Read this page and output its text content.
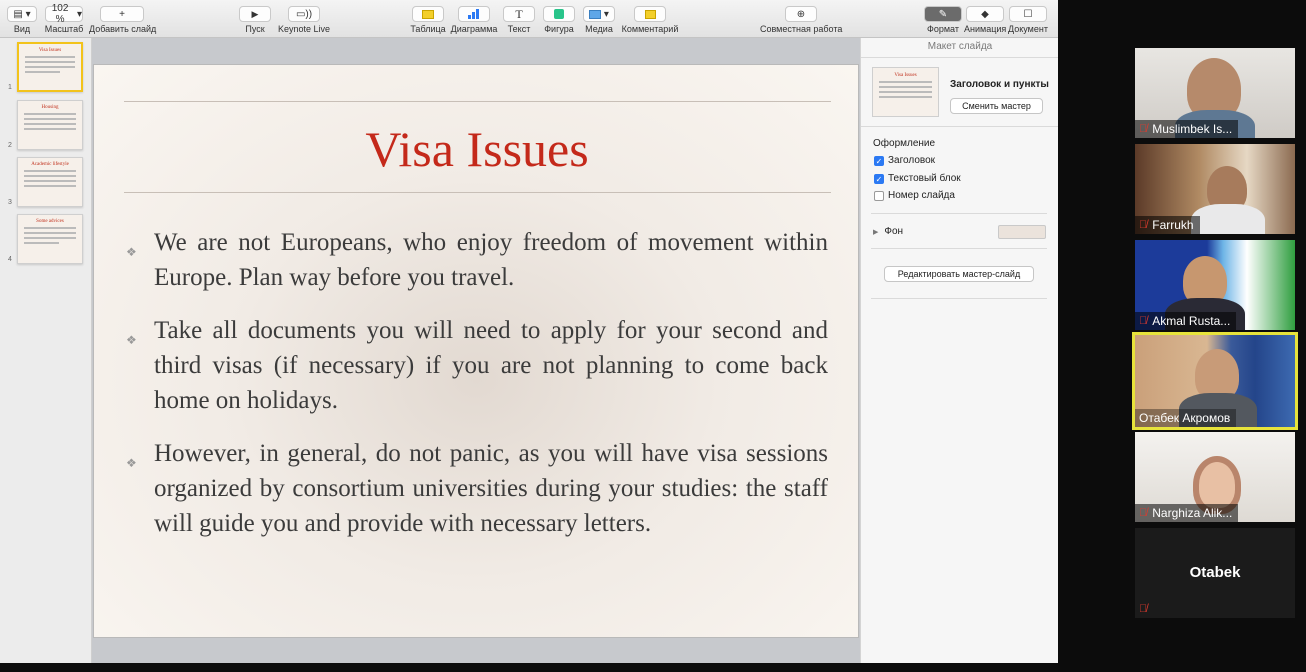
▤ ▾
Вид
102 % ▾
Масштаб
+
Добавить слайд
▶
Пуск
▭))
Keynote Live	Таблица Диаграмма
T
Текст	Фигура
▾
Медиа Комментарий
⊕
Совместная работа
✎
Формат
◆
Анимация
☐
Документ
1
Visa Issues
2
Housing
3
Academic lifestyle
4
Some advices
Visa Issues
❖ We are not Europeans, who enjoy freedom of movement within Europe. Plan way before you travel.
❖ Take all documents you will need to apply for your second and third visas (if necessary) if you are not planning to come back home on holidays.
❖ However, in general, do not panic, as you will have visa sessions organized by consortium universities during your studies: the staff will guide you and provide with necessary letters.
Макет слайда
Visa Issues
Заголовок и пункты
Сменить мастер
Оформление
✓ Заголовок
✓ Текстовый блок
Номер слайда
▶ Фон
Редактировать мастер-слайд
🎙̸ Muslimbek Is...
🎙̸ Farrukh
🎙̸ Akmal Rusta...
Отабек Акромов
🎙̸ Narghiza Alik...
Otabek
🎙̸
